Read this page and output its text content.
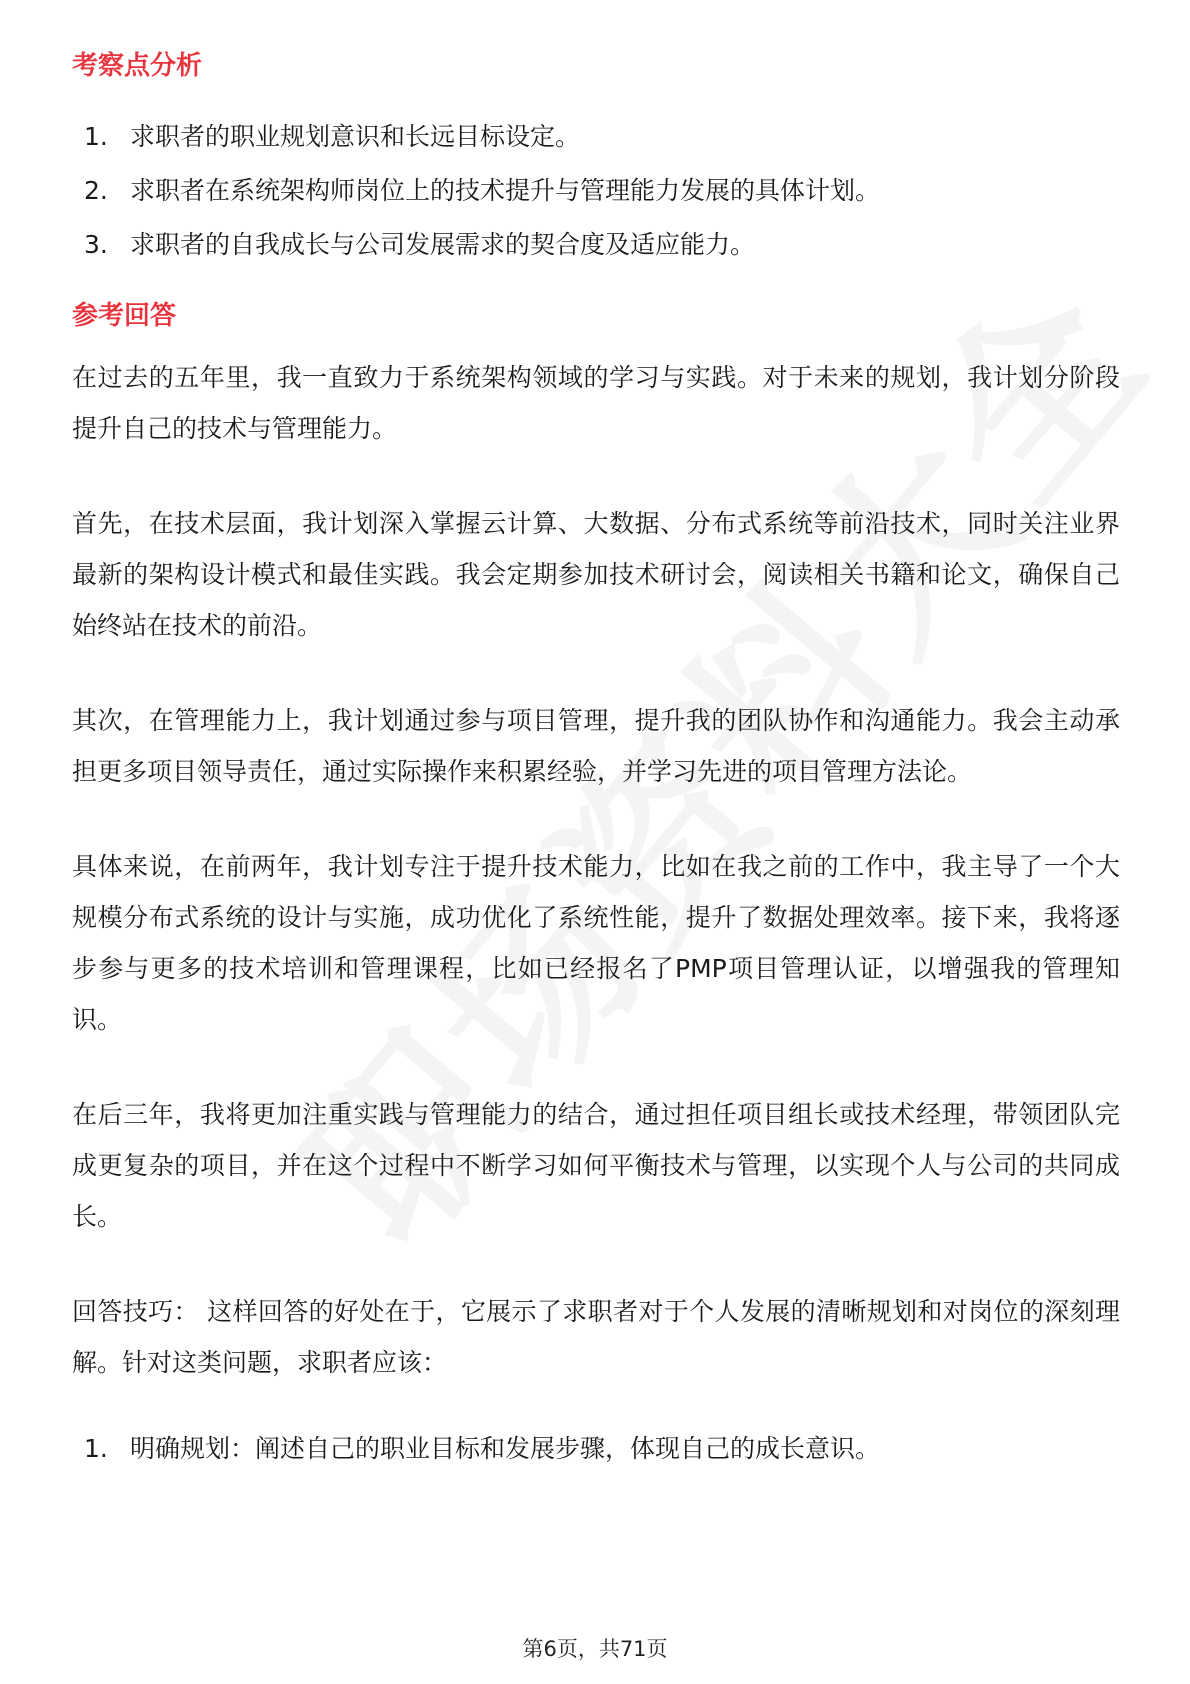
考察点分析
1. 求职者的职业规划意识和长远目标设定。
2. 求职者在系统架构师岗位上的技术提升与管理能力发展的具体计划。
3. 求职者的自我成长与公司发展需求的契合度及适应能力。
参考回答

在过去的五年里，我一直致力于系统架构领域的学习与实践。对于未来的规划，我计划分阶段提升自己的技术与管理能力。

首先，在技术层面，我计划深入掌握云计算、大数据、分布式系统等前沿技术，同时关注业界最新的架构设计模式和最佳实践。我会定期参加技术研讨会，阅读相关书籍和论文，确保自己始终站在技术的前沿。

其次，在管理能力上，我计划通过参与项目管理，提升我的团队协作和沟通能力。我会主动承担更多项目领导责任，通过实际操作来积累经验，并学习先进的项目管理方法论。

具体来说，在前两年，我计划专注于提升技术能力，比如在我之前的工作中，我主导了一个大规模分布式系统的设计与实施，成功优化了系统性能，提升了数据处理效率。接下来，我将逐步参与更多的技术培训和管理课程，比如已经报名了PMP项目管理认证，以增强我的管理知识。

在后三年，我将更加注重实践与管理能力的结合，通过担任项目组长或技术经理，带领团队完成更复杂的项目，并在这个过程中不断学习如何平衡技术与管理，以实现个人与公司的共同成长。

回答技巧： 这样回答的好处在于，它展示了求职者对于个人发展的清晰规划和对岗位的深刻理解。针对这类问题，求职者应该：

1. 明确规划：阐述自己的职业目标和发展步骤，体现自己的成长意识。
第6页，共71页
